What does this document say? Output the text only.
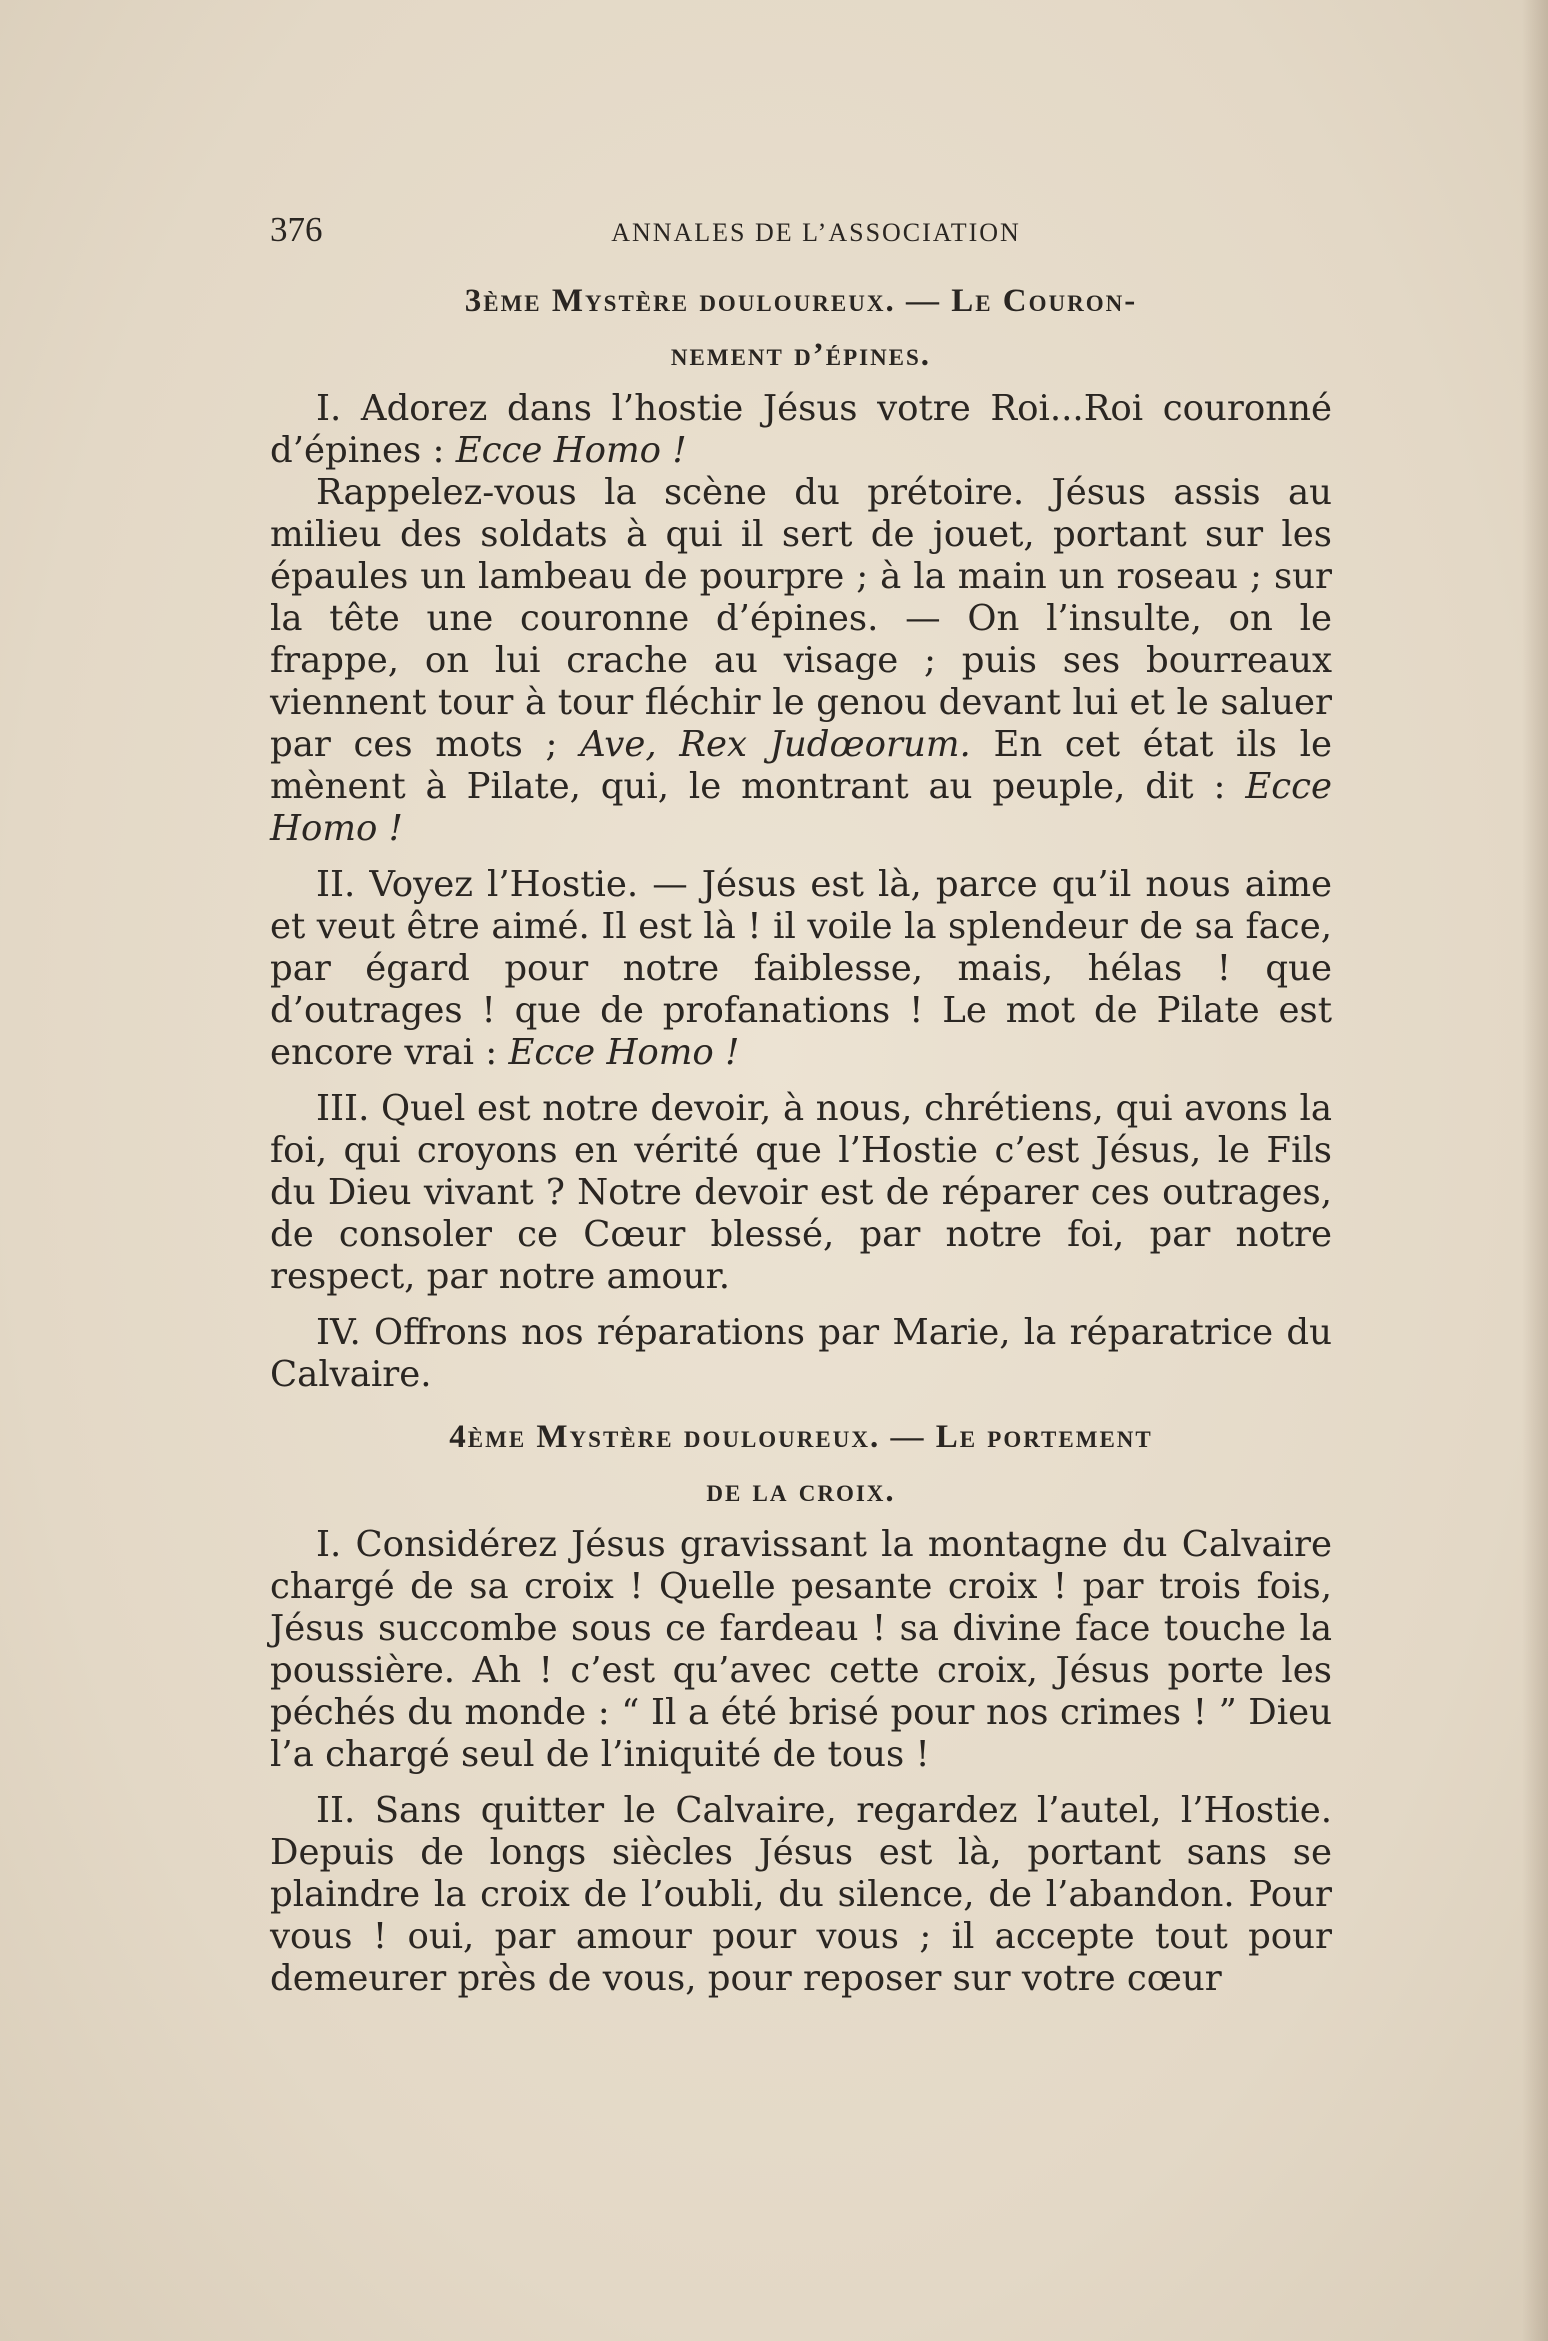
376	ANNALES DE L’ASSOCIATION
3ème Mystère douloureux. — Le Couron-
nement d’épines.

I. Adorez dans l’hostie Jésus votre Roi...Roi couronné d’épines : Ecce Homo !

Rappelez-vous la scène du prétoire. Jésus assis au milieu des soldats à qui il sert de jouet, portant sur les épaules un lambeau de pourpre ; à la main un roseau ; sur la tête une couronne d’épines. — On l’insulte, on le frappe, on lui crache au visage ; puis ses bourreaux viennent tour à tour fléchir le genou devant lui et le saluer par ces mots ; Ave, Rex Judœorum. En cet état ils le mènent à Pilate, qui, le montrant au peuple, dit : Ecce Homo !

II. Voyez l’Hostie. — Jésus est là, parce qu’il nous aime et veut être aimé. Il est là ! il voile la splendeur de sa face, par égard pour notre faiblesse, mais, hélas ! que d’outrages ! que de profanations ! Le mot de Pilate est encore vrai : Ecce Homo !

III. Quel est notre devoir, à nous, chrétiens, qui avons la foi, qui croyons en vérité que l’Hostie c’est Jésus, le Fils du Dieu vivant ? Notre devoir est de réparer ces outrages, de consoler ce Cœur blessé, par notre foi, par notre respect, par notre amour.

IV. Offrons nos réparations par Marie, la réparatrice du Calvaire.

4ème Mystère douloureux. — Le portement
de la croix.

I. Considérez Jésus gravissant la montagne du Calvaire chargé de sa croix ! Quelle pesante croix ! par trois fois, Jésus succombe sous ce fardeau ! sa divine face touche la poussière. Ah ! c’est qu’avec cette croix, Jésus porte les péchés du monde : “ Il a été brisé pour nos crimes ! ” Dieu l’a chargé seul de l’iniquité de tous !

II. Sans quitter le Calvaire, regardez l’autel, l’Hostie. Depuis de longs siècles Jésus est là, portant sans se plaindre la croix de l’oubli, du silence, de l’abandon. Pour vous ! oui, par amour pour vous ; il accepte tout pour demeurer près de vous, pour reposer sur votre cœur
